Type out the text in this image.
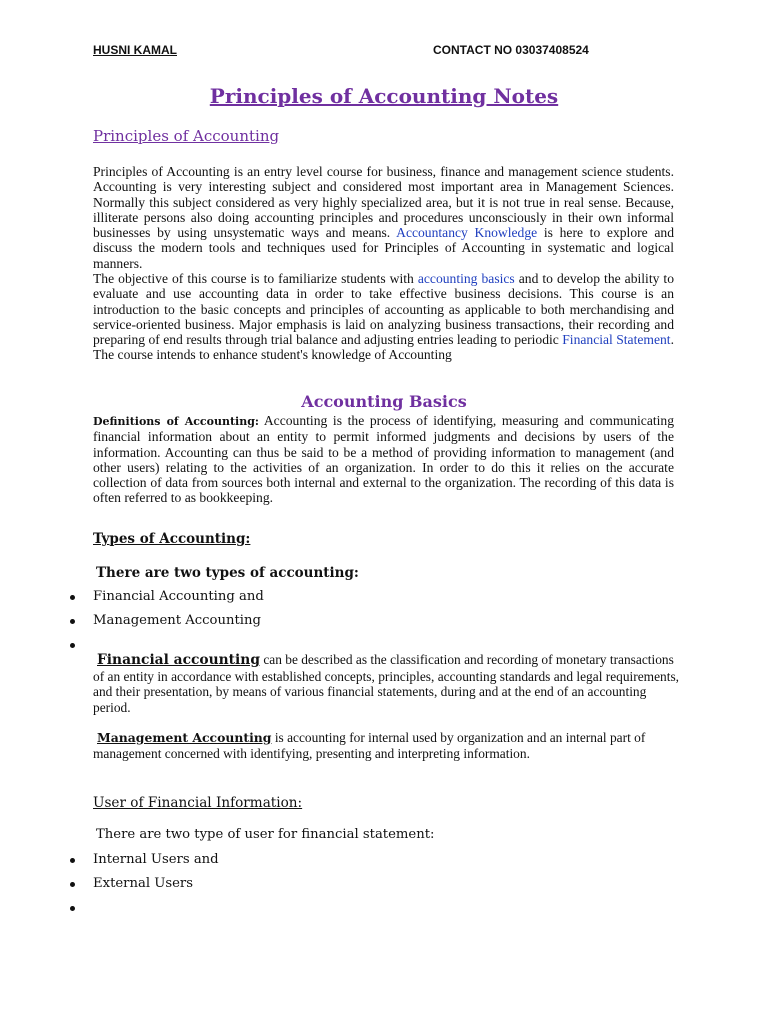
HUSNI KAMAL	CONTACT NO 03037408524
Principles of Accounting Notes
Principles of Accounting
Principles of Accounting is an entry level course for business, finance and management science students. Accounting is very interesting subject and considered most important area in Management Sciences. Normally this subject considered as very highly specialized area, but it is not true in real sense. Because, illiterate persons also doing accounting principles and procedures unconsciously in their own informal businesses by using unsystematic ways and means. Accountancy Knowledge is here to explore and discuss the modern tools and techniques used for Principles of Accounting in systematic and logical manners.
The objective of this course is to familiarize students with accounting basics and to develop the ability to evaluate and use accounting data in order to take effective business decisions. This course is an introduction to the basic concepts and principles of accounting as applicable to both merchandising and service-oriented business. Major emphasis is laid on analyzing business transactions, their recording and preparing of end results through trial balance and adjusting entries leading to periodic Financial Statement. The course intends to enhance student's knowledge of Accounting
Accounting Basics
Definitions of Accounting: Accounting is the process of identifying, measuring and communicating financial information about an entity to permit informed judgments and decisions by users of the information. Accounting can thus be said to be a method of providing information to management (and other users) relating to the activities of an organization. In order to do this it relies on the accurate collection of data from sources both internal and external to the organization. The recording of this data is often referred to as bookkeeping.
Types of Accounting:
There are two types of accounting:
Financial Accounting and
Management Accounting
Financial accounting can be described as the classification and recording of monetary transactions of an entity in accordance with established concepts, principles, accounting standards and legal requirements, and their presentation, by means of various financial statements, during and at the end of an accounting period.
Management Accounting is accounting for internal used by organization and an internal part of management concerned with identifying, presenting and interpreting information.
User of Financial Information:
There are two type of user for financial statement:
Internal Users and
External Users
